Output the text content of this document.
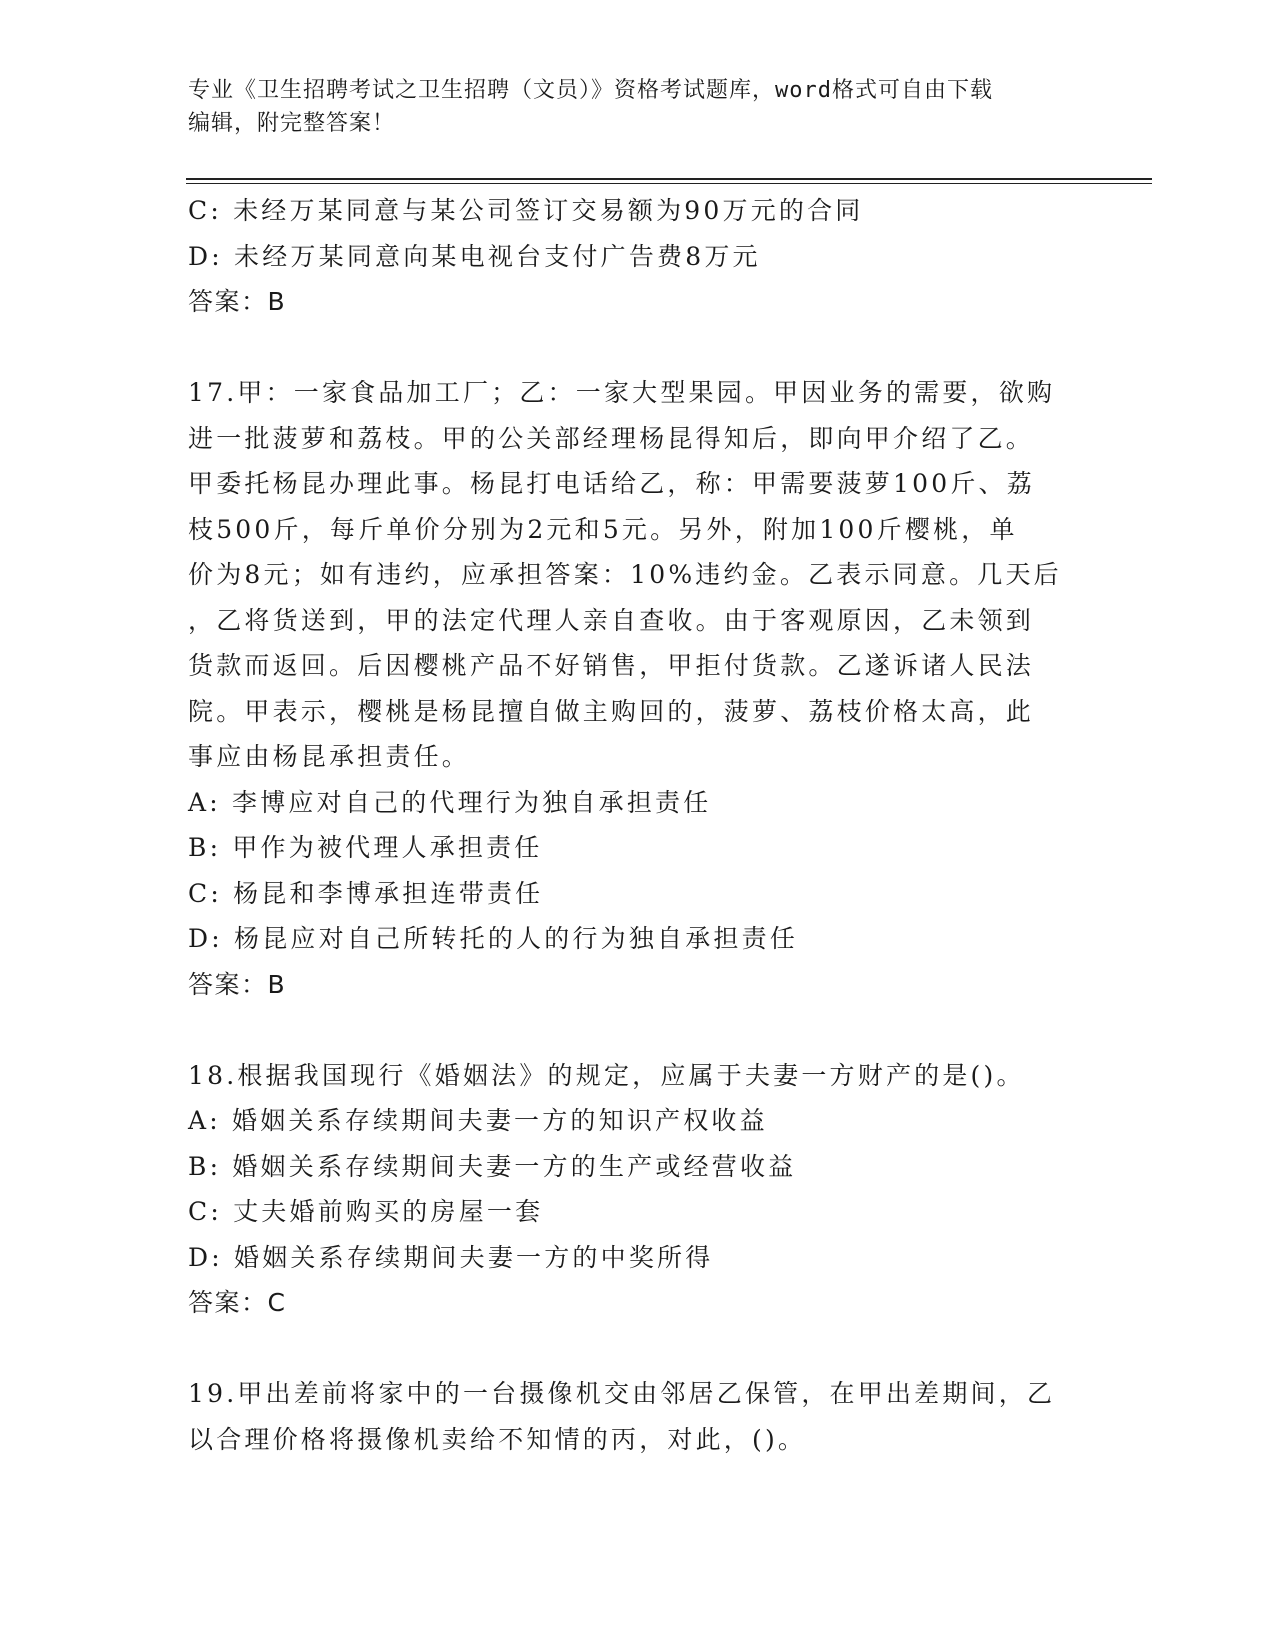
专业《卫生招聘考试之卫生招聘（文员）》资格考试题库，word格式可自由下载
编辑，附完整答案！
C: 未经万某同意与某公司签订交易额为90万元的合同
D: 未经万某同意向某电视台支付广告费8万元
答案：B
17.甲：一家食品加工厂；乙：一家大型果园。甲因业务的需要，欲购
进一批菠萝和荔枝。甲的公关部经理杨昆得知后，即向甲介绍了乙。
甲委托杨昆办理此事。杨昆打电话给乙，称：甲需要菠萝100斤、荔
枝500斤，每斤单价分别为2元和5元。另外，附加100斤樱桃，单
价为8元；如有违约，应承担答案：10%违约金。乙表示同意。几天后
，乙将货送到，甲的法定代理人亲自查收。由于客观原因，乙未领到
货款而返回。后因樱桃产品不好销售，甲拒付货款。乙遂诉诸人民法
院。甲表示，樱桃是杨昆擅自做主购回的，菠萝、荔枝价格太高，此
事应由杨昆承担责任。
A: 李博应对自己的代理行为独自承担责任
B: 甲作为被代理人承担责任
C: 杨昆和李博承担连带责任
D: 杨昆应对自己所转托的人的行为独自承担责任
答案：B
18.根据我国现行《婚姻法》的规定，应属于夫妻一方财产的是()。
A: 婚姻关系存续期间夫妻一方的知识产权收益
B: 婚姻关系存续期间夫妻一方的生产或经营收益
C: 丈夫婚前购买的房屋一套
D: 婚姻关系存续期间夫妻一方的中奖所得
答案：C
19.甲出差前将家中的一台摄像机交由邻居乙保管，在甲出差期间，乙
以合理价格将摄像机卖给不知情的丙，对此，()。
